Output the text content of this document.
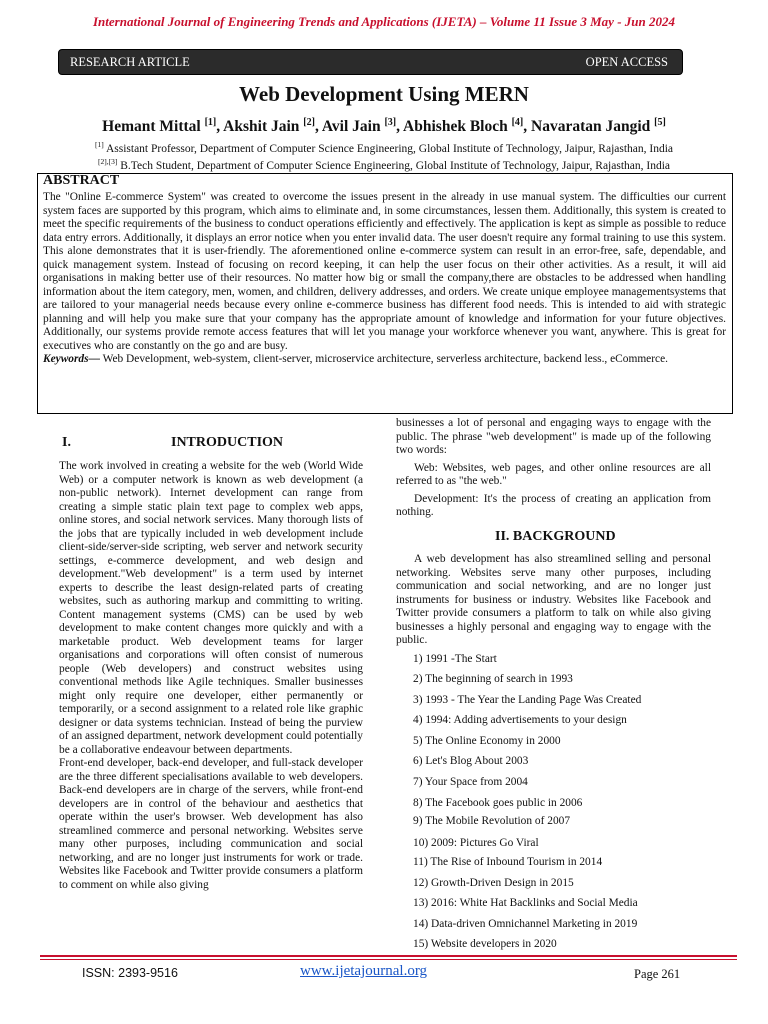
International Journal of Engineering Trends and Applications (IJETA) – Volume 11 Issue 3 May - Jun 2024
RESEARCH ARTICLE	OPEN ACCESS
Web Development Using MERN
Hemant Mittal [1], Akshit Jain [2], Avil Jain [3], Abhishek Bloch [4], Navaratan Jangid [5]
[1] Assistant Professor, Department of Computer Science Engineering, Global Institute of Technology, Jaipur, Rajasthan, India
[2],[3] B.Tech Student, Department of Computer Science Engineering, Global Institute of Technology, Jaipur, Rajasthan, India
ABSTRACT
The "Online E-commerce System" was created to overcome the issues present in the already in use manual system. The difficulties our current system faces are supported by this program, which aims to eliminate and, in some circumstances, lessen them. Additionally, this system is created to meet the specific requirements of the business to conduct operations efficiently and effectively. The application is kept as simple as possible to reduce data entry errors. Additionally, it displays an error notice when you enter invalid data. The user doesn't require any formal training to use this system. This alone demonstrates that it is user-friendly. The aforementioned online e-commerce system can result in an error-free, safe, dependable, and quick management system. Instead of focusing on record keeping, it can help the user focus on their other activities. As a result, it will aid organisations in making better use of their resources. No matter how big or small the company,there are obstacles to be addressed when handling information about the item category, men, women, and children, delivery addresses, and orders. We create unique employee managementsystems that are tailored to your managerial needs because every online e-commerce business has different food needs. This is intended to aid with strategic planning and will help you make sure that your company has the appropriate amount of knowledge and information for your future objectives. Additionally, our systems provide remote access features that will let you manage your workforce whenever you want, anywhere. This is great for executives who are constantly on the go and are busy.
Keywords— Web Development, web-system, client-server, microservice architecture, serverless architecture, backend less., eCommerce.
I.	INTRODUCTION

The work involved in creating a website for the web (World Wide Web) or a computer network is known as web development (a non-public network). Internet development can range from creating a simple static plain text page to complex web apps, online stores, and social network services. Many thorough lists of the jobs that are typically included in web development include client-side/server-side scripting, web server and network security settings, e-commerce development, and web design and development."Web development" is a term used by internet experts to describe the least design-related parts of creating websites, such as authoring markup and committing to writing. Content management systems (CMS) can be used by web development to make content changes more quickly and with a marketable product. Web development teams for larger organisations and corporations will often consist of numerous people (Web developers) and construct websites using conventional methods like Agile techniques. Smaller businesses might only require one developer, either permanently or temporarily, or a second assignment to a related role like graphic designer or data systems technician. Instead of being the purview of an assigned department, network development could potentially be a collaborative endeavour between departments.

Front-end developer, back-end developer, and full-stack developer are the three different specialisations available to web developers. Back-end developers are in charge of the servers, while front-end developers are in control of the behaviour and aesthetics that operate within the user's browser. Web development has also streamlined commerce and personal networking. Websites serve many other purposes, including communication and social networking, and are no longer just instruments for work or trade. Websites like Facebook and Twitter provide consumers a platform to comment on while also giving

businesses a lot of personal and engaging ways to engage with the public. The phrase "web development" is made up of the following two words:

Web: Websites, web pages, and other online resources are all referred to as "the web."

Development: It's the process of creating an application from nothing.

II. BACKGROUND
A web development has also streamlined selling and personal networking. Websites serve many other purposes, including communication and social networking, and are no longer just instruments for business or industry. Websites like Facebook and Twitter provide consumers a platform to talk on while also giving businesses a highly personal and engaging way to engage with the public.
1) 1991 -The Start
2) The beginning of search in 1993
3) 1993 - The Year the Landing Page Was Created
4) 1994: Adding advertisements to your design
5) The Online Economy in 2000
6) Let's Blog About 2003
7) Your Space from 2004
8) The Facebook goes public in 2006
9) The Mobile Revolution of 2007
10) 2009: Pictures Go Viral
11) The Rise of Inbound Tourism in 2014
12) Growth-Driven Design in 2015
13) 2016: White Hat Backlinks and Social Media
14) Data-driven Omnichannel Marketing in 2019
15) Website developers in 2020
ISSN: 2393-9516	www.ijetajournal.org	Page 261
